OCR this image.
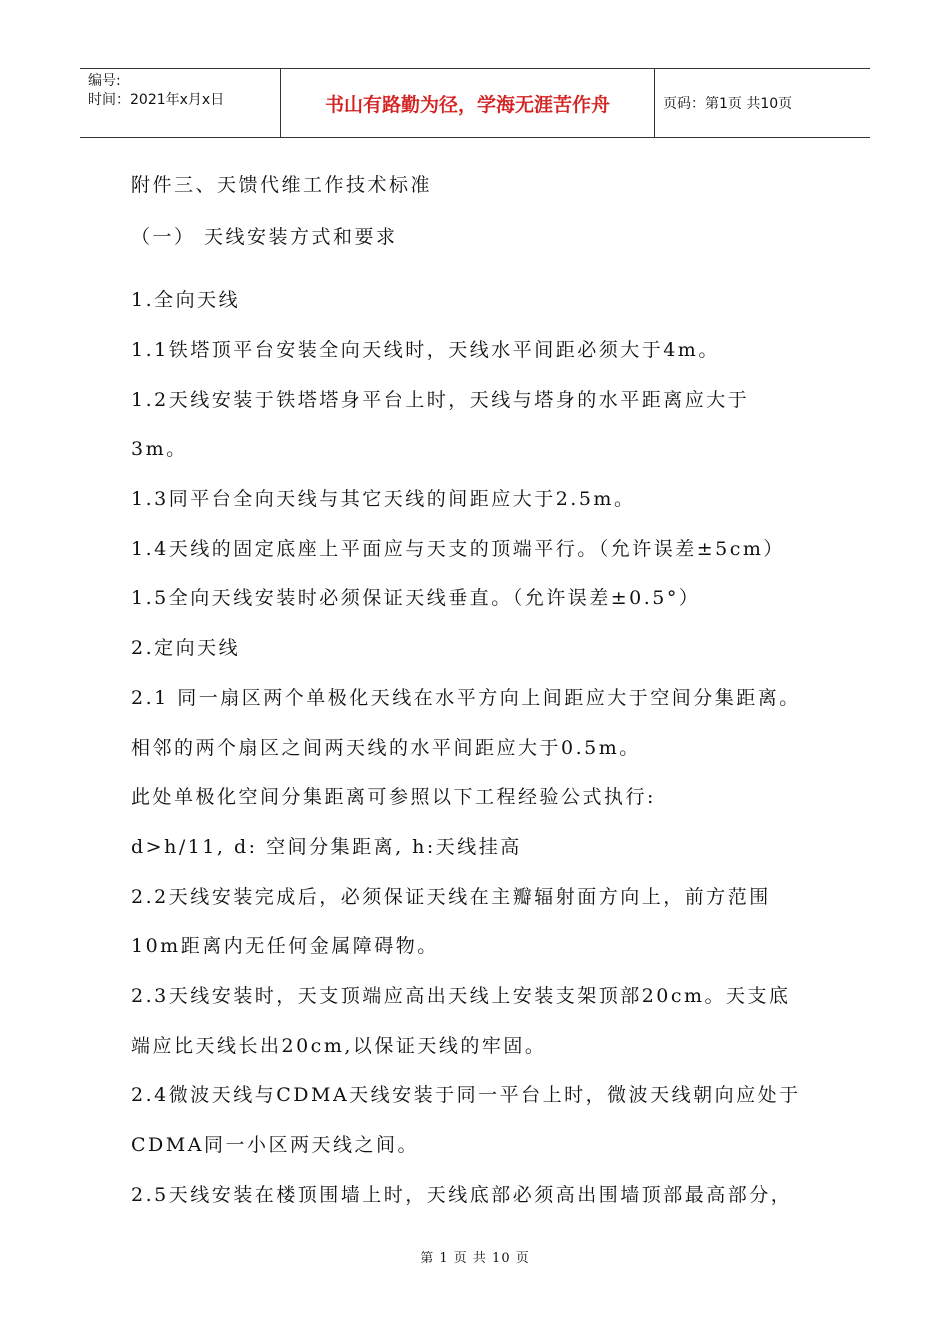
编号:
时间：2021年x月x日	书山有路勤为径，学海无涯苦作舟	页码：第1页 共10页
附件三、天馈代维工作技术标准
（一） 天线安装方式和要求
1.全向天线
1.1铁塔顶平台安装全向天线时，天线水平间距必须大于4m。
1.2天线安装于铁塔塔身平台上时，天线与塔身的水平距离应大于
3m。
1.3同平台全向天线与其它天线的间距应大于2.5m。
1.4天线的固定底座上平面应与天支的顶端平行。（允许误差±5cm）
1.5全向天线安装时必须保证天线垂直。（允许误差±0.5°）
2.定向天线
2.1 同一扇区两个单极化天线在水平方向上间距应大于空间分集距离。
相邻的两个扇区之间两天线的水平间距应大于0.5m。
此处单极化空间分集距离可参照以下工程经验公式执行:
d>h/11, d: 空间分集距离, h:天线挂高
2.2天线安装完成后，必须保证天线在主瓣辐射面方向上，前方范围
10m距离内无任何金属障碍物。
2.3天线安装时，天支顶端应高出天线上安装支架顶部20cm。天支底
端应比天线长出20cm,以保证天线的牢固。
2.4微波天线与CDMA天线安装于同一平台上时，微波天线朝向应处于
CDMA同一小区两天线之间。
2.5天线安装在楼顶围墙上时，天线底部必须高出围墙顶部最高部分，
第 1 页 共 10 页
